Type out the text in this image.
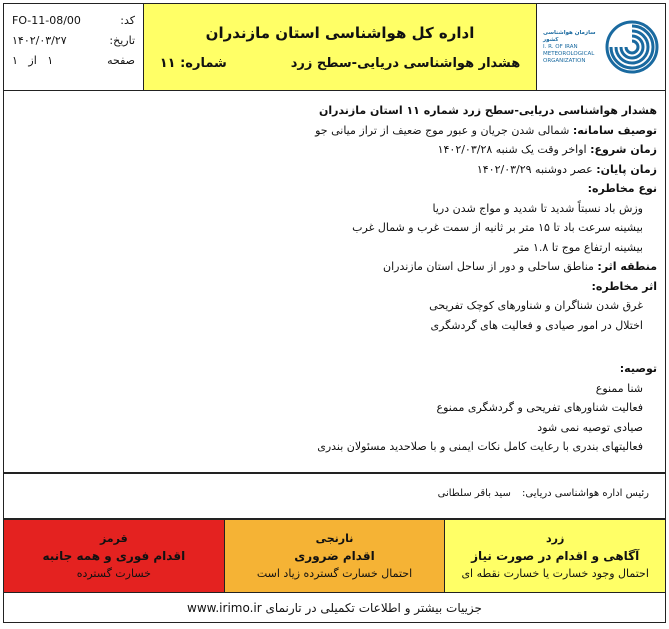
کد:
FO-11-08/00
تاریخ:
۱۴۰۲/۰۳/۲۷
صفحه
۱   از   ۱
اداره کل هواشناسی استان مازندران
هشدار هواشناسی دریایی-سطح زرد
شماره: ۱۱
سازمان هواشناسی کشور
I. R. OF IRAN
METEOROLOGICAL
ORGANIZATION
هشدار هواشناسی دریایی-سطح زرد شماره ۱۱ استان مازندران
توصیف سامانه: شمالی شدن جریان و عبور موج ضعیف از تراز میانی جو
زمان شروع: اواخر وقت یک شنبه ۱۴۰۲/۰۳/۲۸
زمان پایان: عصر دوشنبه ۱۴۰۲/۰۳/۲۹
نوع مخاطره:
وزش باد نسبتاً شدید تا شدید و مواج شدن دریا
بیشینه سرعت باد تا ۱۵ متر بر ثانیه از سمت غرب و شمال غرب
بیشینه ارتفاع موج تا ۱.۸ متر
منطقه اثر: مناطق ساحلی و دور از ساحل استان مازندران
اثر مخاطره:
غرق شدن شناگران و شناورهای کوچک تفریحی
اختلال در امور صیادی و فعالیت های گردشگری
توصیه:
شنا ممنوع
فعالیت شناورهای تفریحی و گردشگری ممنوع
صیادی توصیه نمی شود
فعالیتهای بندری با رعایت کامل نکات ایمنی و با صلاحدید مسئولان بندری
رئیس اداره هواشناسی دریایی: سید باقر سلطانی
زرد
آگاهی و اقدام در صورت نیاز
احتمال وجود خسارت یا خسارت نقطه ای
نارنجی
اقدام ضروری
احتمال خسارت گسترده زیاد است
قرمز
اقدام فوری و همه جانبه
خسارت گسترده
جزییات بیشتر و اطلاعات تکمیلی در تارنمای www.irimo.ir
